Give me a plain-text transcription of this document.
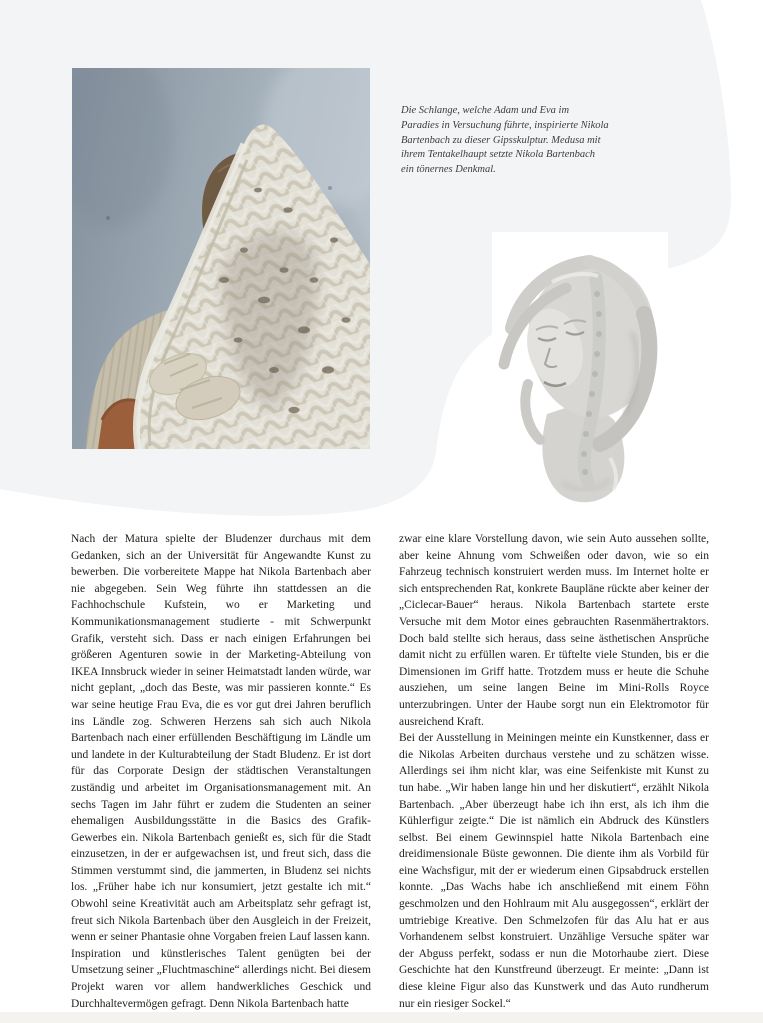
Die Schlange, welche Adam und Eva im Paradies in Versuchung führte, inspirierte Nikola Bartenbach zu dieser Gipsskulptur. Medusa mit ihrem Tentakelhaupt setzte Nikola Bartenbach ein tönernes Denkmal.

Nach der Matura spielte der Bludenzer durchaus mit dem Gedanken, sich an der Universität für Angewandte Kunst zu bewerben. Die vorbereitete Mappe hat Nikola Bartenbach aber nie abgegeben. Sein Weg führte ihn stattdessen an die Fachhochschule Kufstein, wo er Marketing und Kommunikationsmanagement studierte - mit Schwerpunkt Grafik, versteht sich. Dass er nach einigen Erfahrungen bei größeren Agenturen sowie in der Marketing-Abteilung von IKEA Innsbruck wieder in seiner Heimatstadt landen würde, war nicht geplant, „doch das Beste, was mir passieren konnte.“ Es war seine heutige Frau Eva, die es vor gut drei Jahren beruflich ins Ländle zog. Schweren Herzens sah sich auch Nikola Bartenbach nach einer erfüllenden Beschäftigung im Ländle um und landete in der Kulturabteilung der Stadt Bludenz. Er ist dort für das Corporate Design der städtischen Veranstaltungen zuständig und arbeitet im Organisationsmanagement mit. An sechs Tagen im Jahr führt er zudem die Studenten an seiner ehemaligen Ausbildungsstätte in die Basics des Grafik-Gewerbes ein. Nikola Bartenbach genießt es, sich für die Stadt einzusetzen, in der er aufgewachsen ist, und freut sich, dass die Stimmen verstummt sind, die jammerten, in Bludenz sei nichts los. „Früher habe ich nur konsumiert, jetzt gestalte ich mit.“ Obwohl seine Kreativität auch am Arbeitsplatz sehr gefragt ist, freut sich Nikola Bartenbach über den Ausgleich in der Freizeit, wenn er seiner Phantasie ohne Vorgaben freien Lauf lassen kann.

Inspiration und künstlerisches Talent genügten bei der Umsetzung seiner „Fluchtmaschine“ allerdings nicht. Bei diesem Projekt waren vor allem handwerkliches Geschick und Durchhaltevermögen gefragt. Denn Nikola Bartenbach hatte

zwar eine klare Vorstellung davon, wie sein Auto aussehen sollte, aber keine Ahnung vom Schweißen oder davon, wie so ein Fahrzeug technisch konstruiert werden muss. Im Internet holte er sich entsprechenden Rat, konkrete Baupläne rückte aber keiner der „Ciclecar-Bauer“ heraus. Nikola Bartenbach startete erste Versuche mit dem Motor eines gebrauchten Rasenmähertraktors. Doch bald stellte sich heraus, dass seine ästhetischen Ansprüche damit nicht zu erfüllen waren. Er tüftelte viele Stunden, bis er die Dimensionen im Griff hatte. Trotzdem muss er heute die Schuhe ausziehen, um seine langen Beine im Mini-Rolls Royce unterzubringen. Unter der Haube sorgt nun ein Elektromotor für ausreichend Kraft.

Bei der Ausstellung in Meiningen meinte ein Kunstkenner, dass er die Nikolas Arbeiten durchaus verstehe und zu schätzen wisse. Allerdings sei ihm nicht klar, was eine Seifenkiste mit Kunst zu tun habe. „Wir haben lange hin und her diskutiert“, erzählt Nikola Bartenbach. „Aber überzeugt habe ich ihn erst, als ich ihm die Kühlerfigur zeigte.“ Die ist nämlich ein Abdruck des Künstlers selbst. Bei einem Gewinnspiel hatte Nikola Bartenbach eine dreidimensionale Büste gewonnen. Die diente ihm als Vorbild für eine Wachsfigur, mit der er wiederum einen Gipsabdruck erstellen konnte. „Das Wachs habe ich anschließend mit einem Föhn geschmolzen und den Hohlraum mit Alu ausgegossen“, erklärt der umtriebige Kreative. Den Schmelzofen für das Alu hat er aus Vorhandenem selbst konstruiert. Unzählige Versuche später war der Abguss perfekt, sodass er nun die Motorhaube ziert. Diese Geschichte hat den Kunstfreund überzeugt. Er meinte: „Dann ist diese kleine Figur also das Kunstwerk und das Auto rundherum nur ein riesiger Sockel.“
